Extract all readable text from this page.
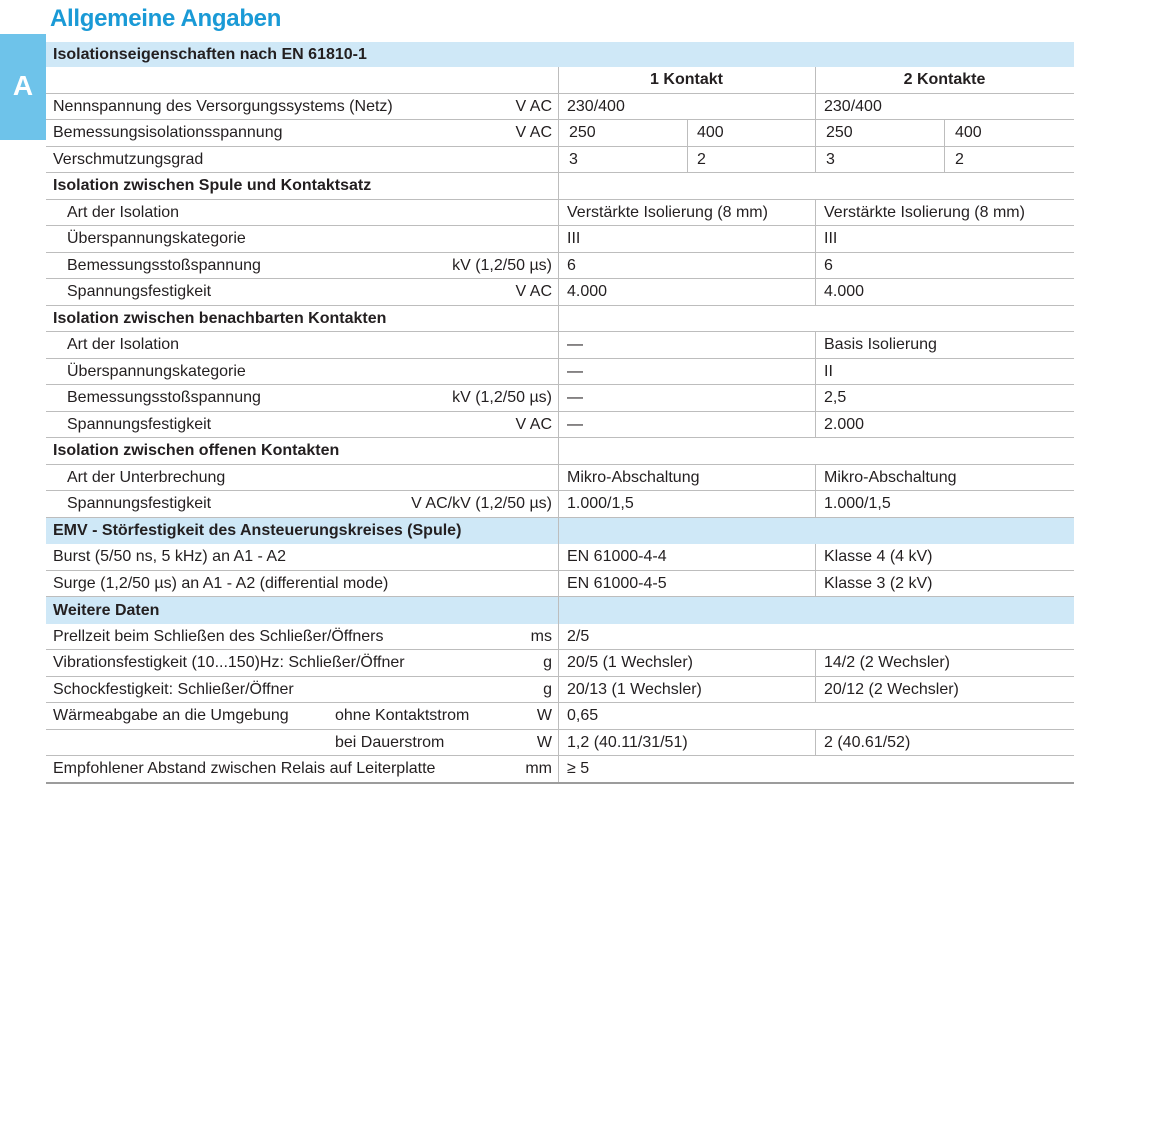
Allgemeine Angaben
A
Isolationseigenschaften nach EN 61810-1
1 Kontakt	2 Kontakte
Nennspannung des Versorgungssystems (Netz)	V AC 230/400	230/400
Bemessungsisolationsspannung	V AC 250	400	250	400
Verschmutzungsgrad	3	2	3	2
Isolation zwischen Spule und Kontaktsatz
Art der Isolation	Verstärkte Isolierung (8 mm)	Verstärkte Isolierung (8 mm)
Überspannungskategorie	III	III
Bemessungsstoßspannung	kV (1,2/50 µs) 6	6
Spannungsfestigkeit	V AC 4.000	4.000
Isolation zwischen benachbarten Kontakten
Art der Isolation	—	Basis Isolierung
Überspannungskategorie	—	II
Bemessungsstoßspannung	kV (1,2/50 µs) —	2,5
Spannungsfestigkeit	V AC —	2.000
Isolation zwischen offenen Kontakten
Art der Unterbrechung	Mikro-Abschaltung	Mikro-Abschaltung
Spannungsfestigkeit	V AC/kV (1,2/50 µs) 1.000/1,5	1.000/1,5
EMV - Störfestigkeit des Ansteuerungskreises (Spule)
Burst (5/50 ns, 5 kHz) an A1 - A2	EN 61000-4-4	Klasse 4 (4 kV)
Surge (1,2/50 µs) an A1 - A2 (differential mode)	EN 61000-4-5	Klasse 3 (2 kV)
Weitere Daten
Prellzeit beim Schließen des Schließer/Öffners	ms 2/5
Vibrationsfestigkeit (10...150)Hz: Schließer/Öffner	g 20/5 (1 Wechsler)	14/2 (2 Wechsler)
Schockfestigkeit: Schließer/Öffner	g 20/13 (1 Wechsler)	20/12 (2 Wechsler)
Wärmeabgabe an die Umgebung	ohne Kontaktstrom	W 0,65
bei Dauerstrom	W 1,2 (40.11/31/51)	2 (40.61/52)
Empfohlener Abstand zwischen Relais auf Leiterplatte	mm ≥ 5
